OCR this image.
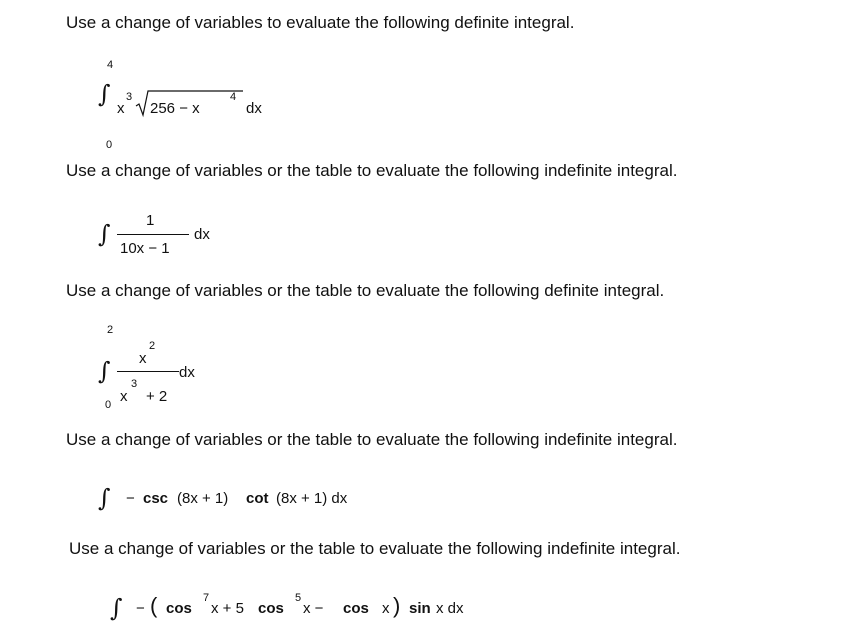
Use a change of variables to evaluate the following definite integral.
4
∫
x
3
256 − x
4
dx
0
Use a change of variables or the table to evaluate the following indefinite integral.
∫ 1
10x − 1
dx
Use a change of variables or the table to evaluate the following definite integral.
2
∫ x
2
dx
x
3
+ 2
0
Use a change of variables or the table to evaluate the following indefinite integral.
∫ − csc (8x + 1) cot (8x + 1) dx
Use a change of variables or the table to evaluate the following indefinite integral.
∫ − ( cos
7
x + 5 cos
5
x − cos x ) sin x dx
